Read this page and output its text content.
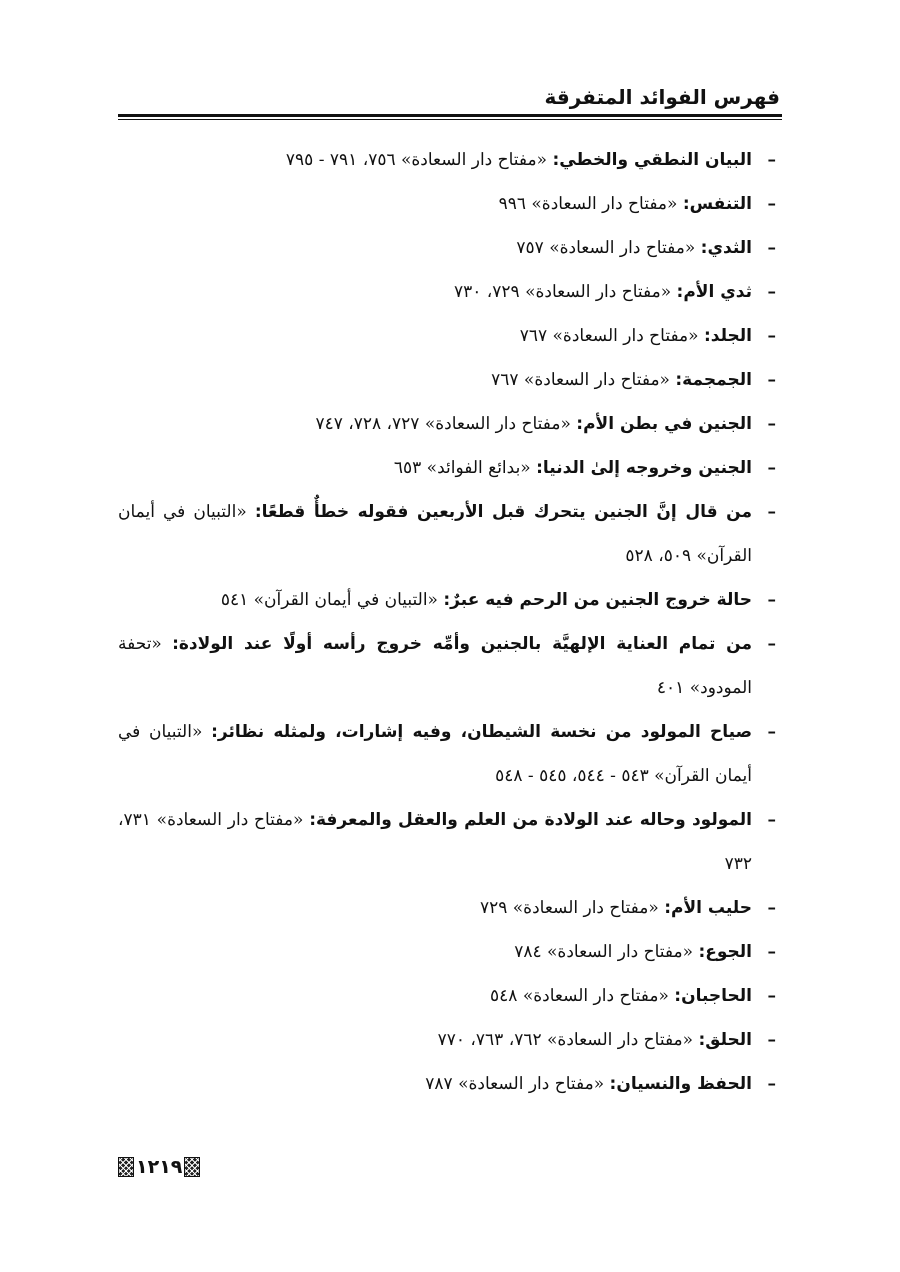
فهرس الفوائد المتفرقة
–
البيان النطقي والخطي: «مفتاح دار السعادة» ٧٥٦، ٧٩١ - ٧٩٥
–
التنفس: «مفتاح دار السعادة» ٩٩٦
–
الثدي: «مفتاح دار السعادة» ٧٥٧
–
ثدي الأم: «مفتاح دار السعادة» ٧٢٩، ٧٣٠
–
الجلد: «مفتاح دار السعادة» ٧٦٧
–
الجمجمة: «مفتاح دار السعادة» ٧٦٧
–
الجنين في بطن الأم: «مفتاح دار السعادة» ٧٢٧، ٧٢٨، ٧٤٧
–
الجنين وخروجه إلىٰ الدنيا: «بدائع الفوائد» ٦٥٣
–
من قال إنَّ الجنين يتحرك قبل الأربعين فقوله خطأٌ قطعًا: «التبيان في أيمان القرآن» ٥٠٩، ٥٢٨
–
حالة خروج الجنين من الرحم فيه عبرٌ: «التبيان في أيمان القرآن» ٥٤١
–
من تمام العناية الإلهيَّة بالجنين وأمِّه خروج رأسه أولًا عند الولادة: «تحفة المودود» ٤٠١
–
صياح المولود من نخسة الشيطان، وفيه إشارات، ولمثله نظائر: «التبيان في أيمان القرآن» ٥٤٣ - ٥٤٤، ٥٤٥ - ٥٤٨
–
المولود وحاله عند الولادة من العلم والعقل والمعرفة: «مفتاح دار السعادة» ٧٣١، ٧٣٢
–
حليب الأم: «مفتاح دار السعادة» ٧٢٩
–
الجوع: «مفتاح دار السعادة» ٧٨٤
–
الحاجبان: «مفتاح دار السعادة» ٥٤٨
–
الحلق: «مفتاح دار السعادة» ٧٦٢، ٧٦٣، ٧٧٠
–
الحفظ والنسيان: «مفتاح دار السعادة» ٧٨٧
١٢١٩
